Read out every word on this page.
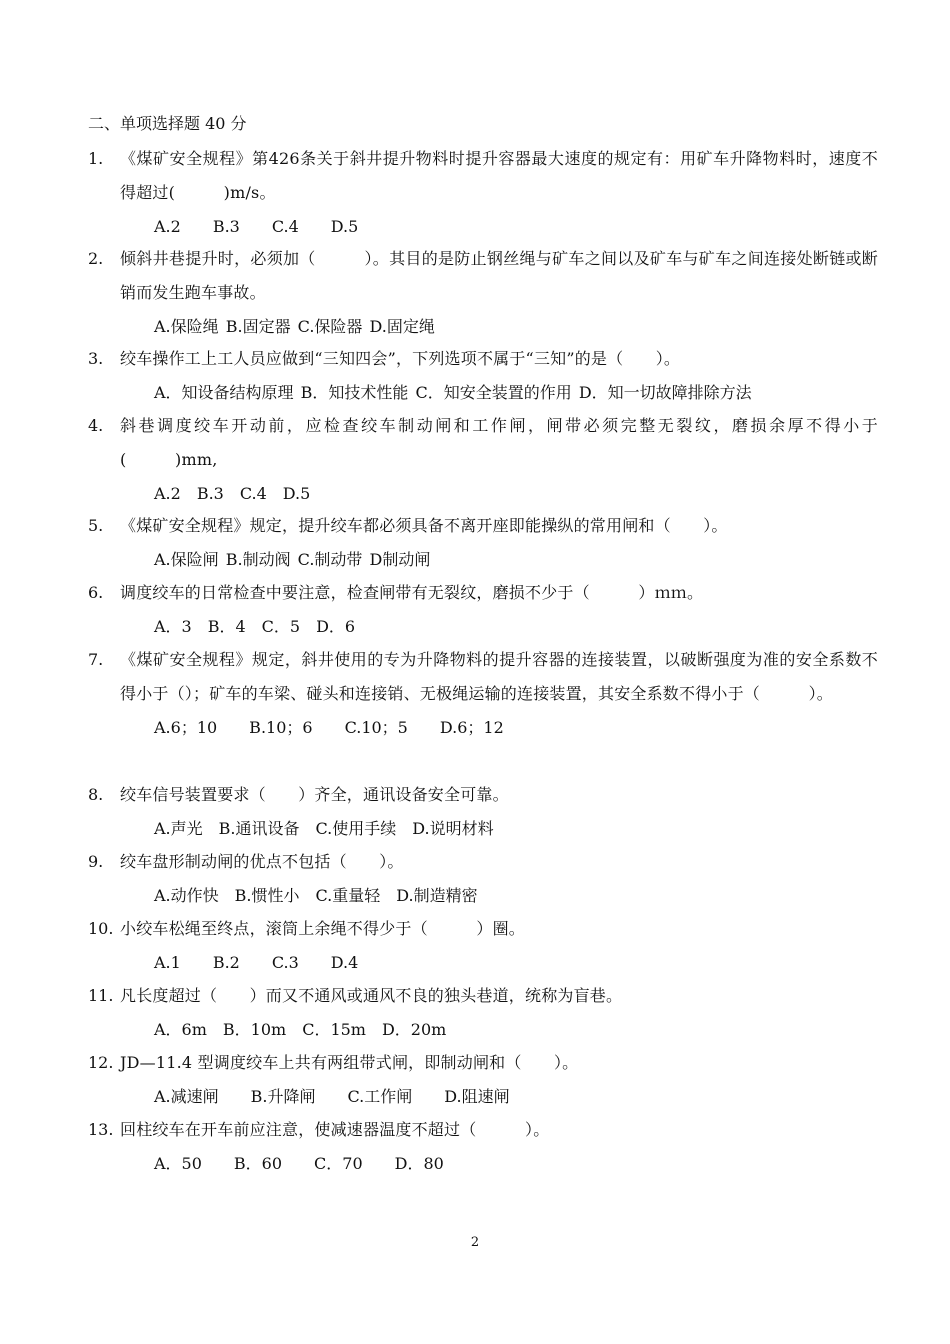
二、单项选择题 40 分
1. 《煤矿安全规程》第426条关于斜井提升物料时提升容器最大速度的规定有：用矿车升降物料时，速度不得超过(　　　)m/s。
A.2　　B.3　　C.4　　D.5
2. 倾斜井巷提升时，必须加（　　　）。其目的是防止钢丝绳与矿车之间以及矿车与矿车之间连接处断链或断销而发生跑车事故。
A.保险绳 B.固定器 C.保险器 D.固定绳
3. 绞车操作工上工人员应做到“三知四会”，下列选项不属于“三知”的是（　　）。
A．知设备结构原理 B．知技术性能 C．知安全装置的作用 D．知一切故障排除方法
4. 斜巷调度绞车开动前，应检查绞车制动闸和工作闸，闸带必须完整无裂纹，磨损余厚不得小于(　　　)mm,
A.2　B.3　C.4　D.5
5. 《煤矿安全规程》规定，提升绞车都必须具备不离开座即能操纵的常用闸和（　　）。
A.保险闸 B.制动阀 C.制动带 D制动闸
6. 调度绞车的日常检查中要注意，检查闸带有无裂纹，磨损不少于（　　　）ｍｍ。
A．3　B．4　C．5　D．6
7. 《煤矿安全规程》规定，斜井使用的专为升降物料的提升容器的连接装置，以破断强度为准的安全系数不得小于（）；矿车的车梁、碰头和连接销、无极绳运输的连接装置，其安全系数不得小于（　　　）。
A.6；10　　B.10；6　　C.10；5　　D.6；12
8. 绞车信号装置要求（　　）齐全，通讯设备安全可靠。
A.声光　B.通讯设备　C.使用手续　D.说明材料
9. 绞车盘形制动闸的优点不包括（　　）。
A.动作快　B.惯性小　C.重量轻　D.制造精密
10. 小绞车松绳至终点，滚筒上余绳不得少于（　　　）圈。
A.1　　B.2　　C.3　　D.4
11. 凡长度超过（　　）而又不通风或通风不良的独头巷道，统称为盲巷。
A．6m　B．10m　C．15m　D．20m
12. JD—11.4 型调度绞车上共有两组带式闸，即制动闸和（　　）。
A.减速闸　　B.升降闸　　C.工作闸　　D.阻速闸
13. 回柱绞车在开车前应注意，使减速器温度不超过（　　　）。
A．50　　B．60　　C．70　　D．80
2
